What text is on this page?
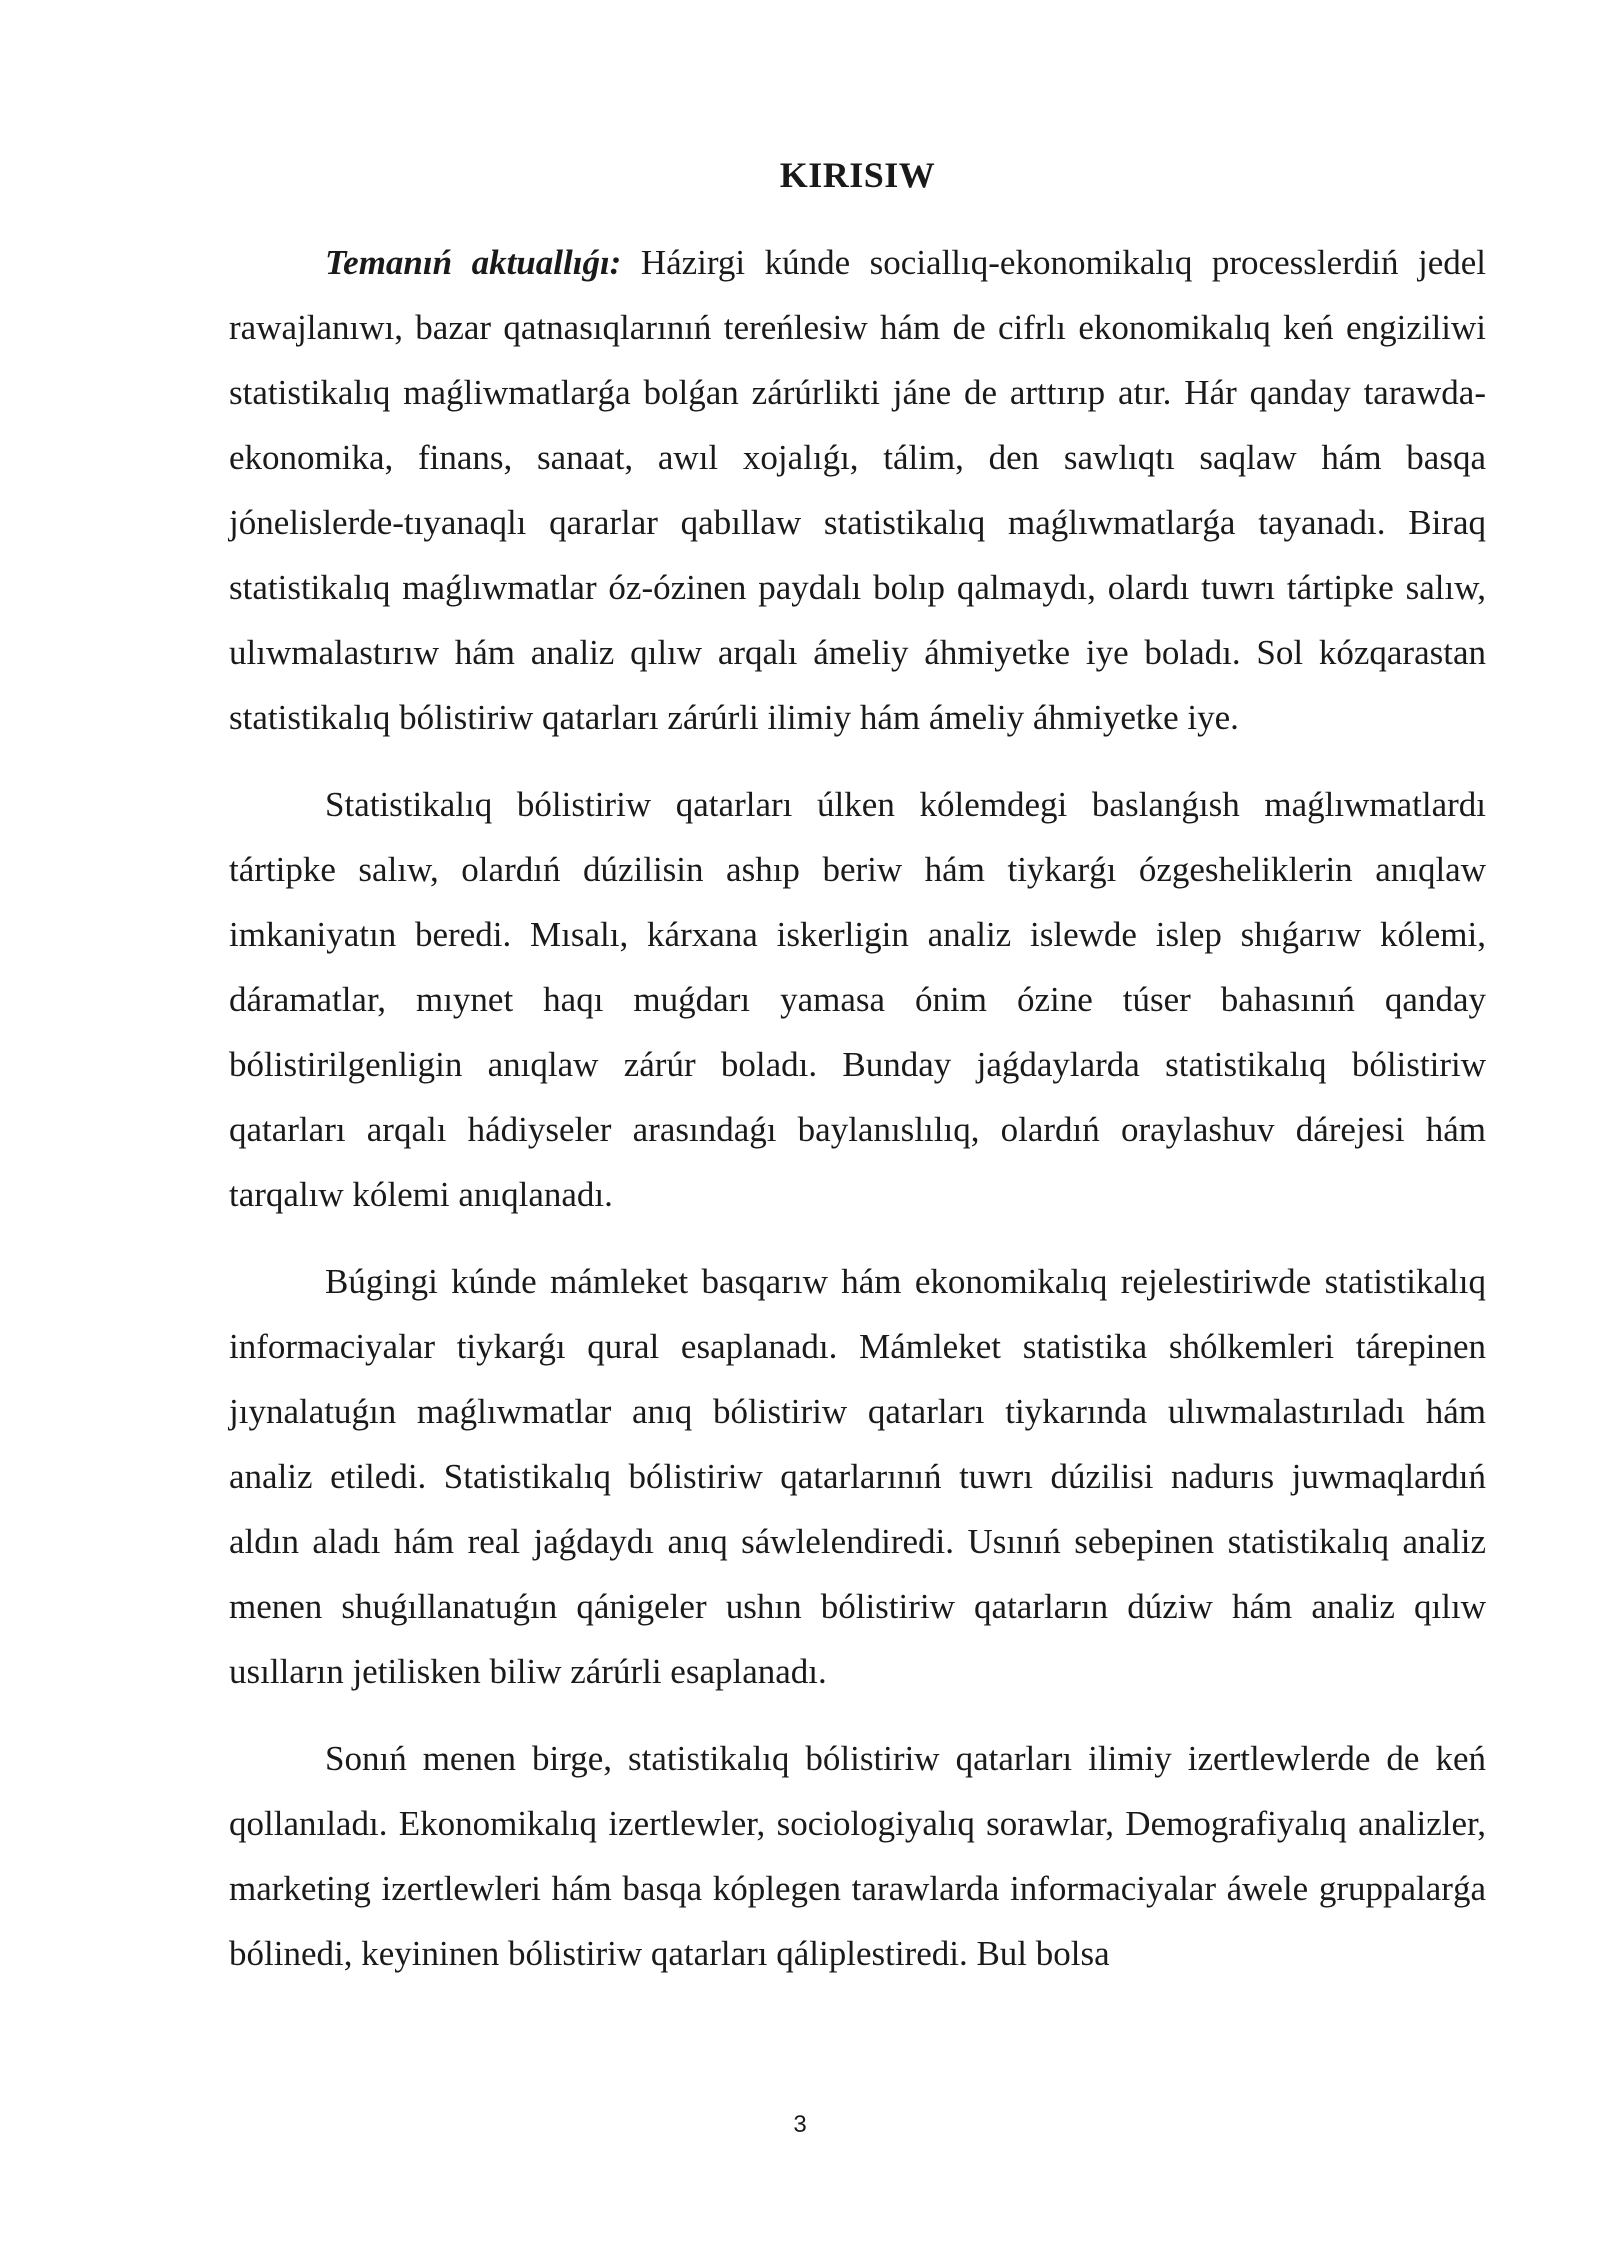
KIRISIW

Temanıń aktuallıǵı: Házirgi kúnde sociallıq-ekonomikalıq processlerdiń jedel rawajlanıwı, bazar qatnasıqlarınıń tereńlesiw hám de cifrlı ekonomikalıq keń engiziliwi statistikalıq maǵliwmatlarǵa bolǵan zárúrlikti jáne de arttırıp atır. Hár qanday tarawda-ekonomika, finans, sanaat, awıl xojalıǵı, tálim, den sawlıqtı saqlaw hám basqa jónelislerde-tıyanaqlı qararlar qabıllaw statistikalıq maǵlıwmatlarǵa tayanadı. Biraq statistikalıq maǵlıwmatlar óz-ózinen paydalı bolıp qalmaydı, olardı tuwrı tártipke salıw, ulıwmalastırıw hám analiz qılıw arqalı ámeliy áhmiyetke iye boladı. Sol kózqarastan statistikalıq bólistiriw qatarları zárúrli ilimiy hám ámeliy áhmiyetke iye.

Statistikalıq bólistiriw qatarları úlken kólemdegi baslanǵısh maǵlıwmatlardı tártipke salıw, olardıń dúzilisin ashıp beriw hám tiykarǵı ózgesheliklerin anıqlaw imkaniyatın beredi. Mısalı, kárxana iskerligin analiz islewde islep shıǵarıw kólemi, dáramatlar, mıynet haqı muǵdarı yamasa ónim ózine túser bahasınıń qanday bólistirilgenligin anıqlaw zárúr boladı. Bunday jaǵdaylarda statistikalıq bólistiriw qatarları arqalı hádiyseler arasındaǵı baylanıslılıq, olardıń oraylashuv dárejesi hám tarqalıw kólemi anıqlanadı.

Búgingi kúnde mámleket basqarıw hám ekonomikalıq rejelestiriwde statistikalıq informaciyalar tiykarǵı qural esaplanadı. Mámleket statistika shólkemleri tárepinen jıynalatuǵın maǵlıwmatlar anıq bólistiriw qatarları tiykarında ulıwmalastırıladı hám analiz etiledi. Statistikalıq bólistiriw qatarlarınıń tuwrı dúzilisi nadurıs juwmaqlardıń aldın aladı hám real jaǵdaydı anıq sáwlelendiredi. Usınıń sebepinen statistikalıq analiz menen shuǵıllanatuǵın qánigeler ushın bólistiriw qatarların dúziw hám analiz qılıw usılların jetilisken biliw zárúrli esaplanadı.

Sonıń menen birge, statistikalıq bólistiriw qatarları ilimiy izertlewlerde de keń qollanıladı. Ekonomikalıq izertlewler, sociologiyalıq sorawlar, Demografiyalıq analizler, marketing izertlewleri hám basqa kóplegen tarawlarda informaciyalar áwele gruppalarǵa bólinedi, keyininen bólistiriw qatarları qáliplestiredi. Bul bolsa

3
